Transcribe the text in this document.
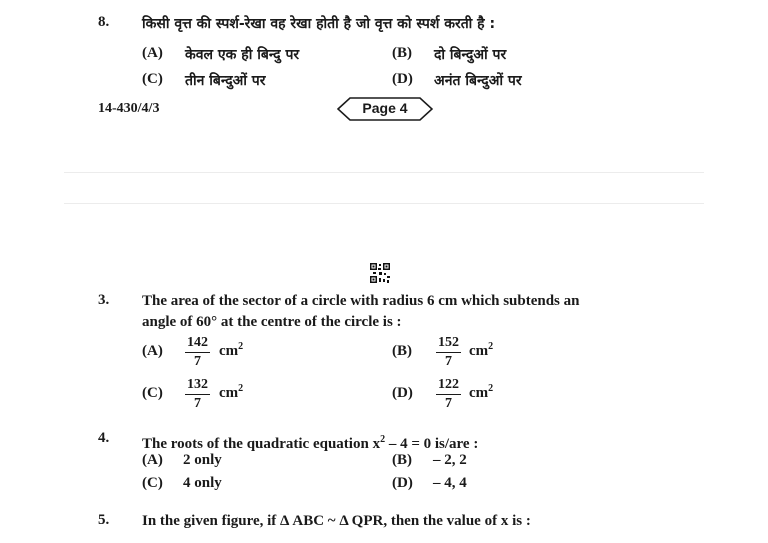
8. किसी वृत्त की स्पर्श-रेखा वह रेखा होती है जो वृत्त को स्पर्श करती है :
(A) केवल एक ही बिन्दु पर	(B) दो बिन्दुओं पर
(C) तीन बिन्दुओं पर	(D) अनंत बिन्दुओं पर
14-430/4/3	Page 4
3. The area of the sector of a circle with radius 6 cm which subtends an
angle of 60° at the centre of the circle is :
$(A) \frac{142}{7} cm^2$	$(B) \frac{152}{7} cm^2$
$(C) \frac{132}{7} cm^2$	$(D) \frac{122}{7} cm^2$
4. The roots of the quadratic equation $x^2 - 4 = 0$ is/are :
(A) 2 only	(B) – 2, 2
(C) 4 only	(D) – 4, 4
5. In the given figure, if Δ ABC ~ Δ QPR, then the value of x is :
